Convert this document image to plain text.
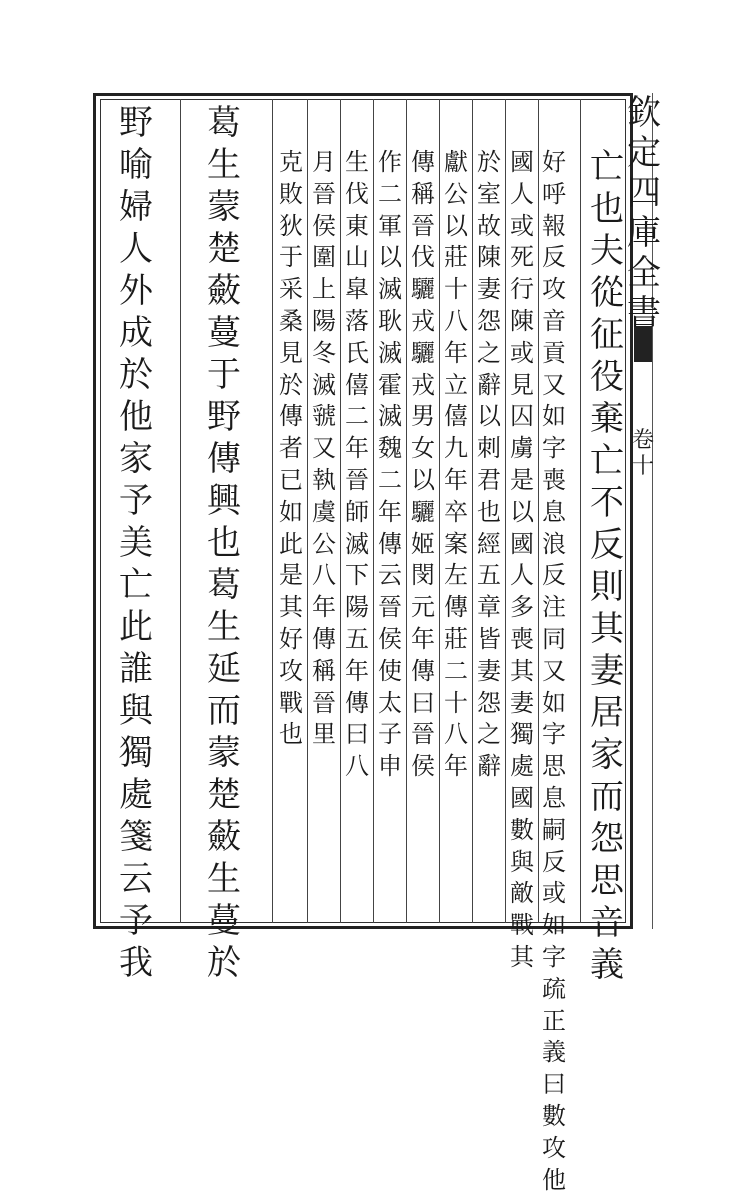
欽
定
四
庫
全
書
卷
十
亡
也
夫
從
征
役
棄
亡
不
反
則
其
妻
居
家
而
怨
思
音
義
好
呼
報
反
攻
音
貢
又
如
字
喪
息
浪
反
注
同
又
如
字
思
息
嗣
反
或
如
字
疏
正
義
曰
數
攻
他
國
人
或
死
行
陳
或
見
囚
虜
是
以
國
人
多
喪
其
妻
獨
處
國
數
與
敵
戰
其
於
室
故
陳
妻
怨
之
辭
以
刺
君
也
經
五
章
皆
妻
怨
之
辭
獻
公
以
莊
十
八
年
立
僖
九
年
卒
案
左
傳
莊
二
十
八
年
傳
稱
晉
伐
驪
戎
驪
戎
男
女
以
驪
姬
閔
元
年
傳
曰
晉
侯
作
二
軍
以
滅
耿
滅
霍
滅
魏
二
年
傳
云
晉
侯
使
太
子
申
生
伐
東
山
皐
落
氏
僖
二
年
晉
師
滅
下
陽
五
年
傳
曰
八
月
晉
侯
圍
上
陽
冬
滅
虢
又
執
虞
公
八
年
傳
稱
晉
里
克
敗
狄
于
采
桑
見
於
傳
者
已
如
此
是
其
好
攻
戰
也
葛
生
蒙
楚
蘞
蔓
于
野
傳
興
也
葛
生
延
而
蒙
楚
蘞
生
蔓
於
野
喻
婦
人
外
成
於
他
家
予
美
亡
此
誰
與
獨
處
箋
云
予
我
